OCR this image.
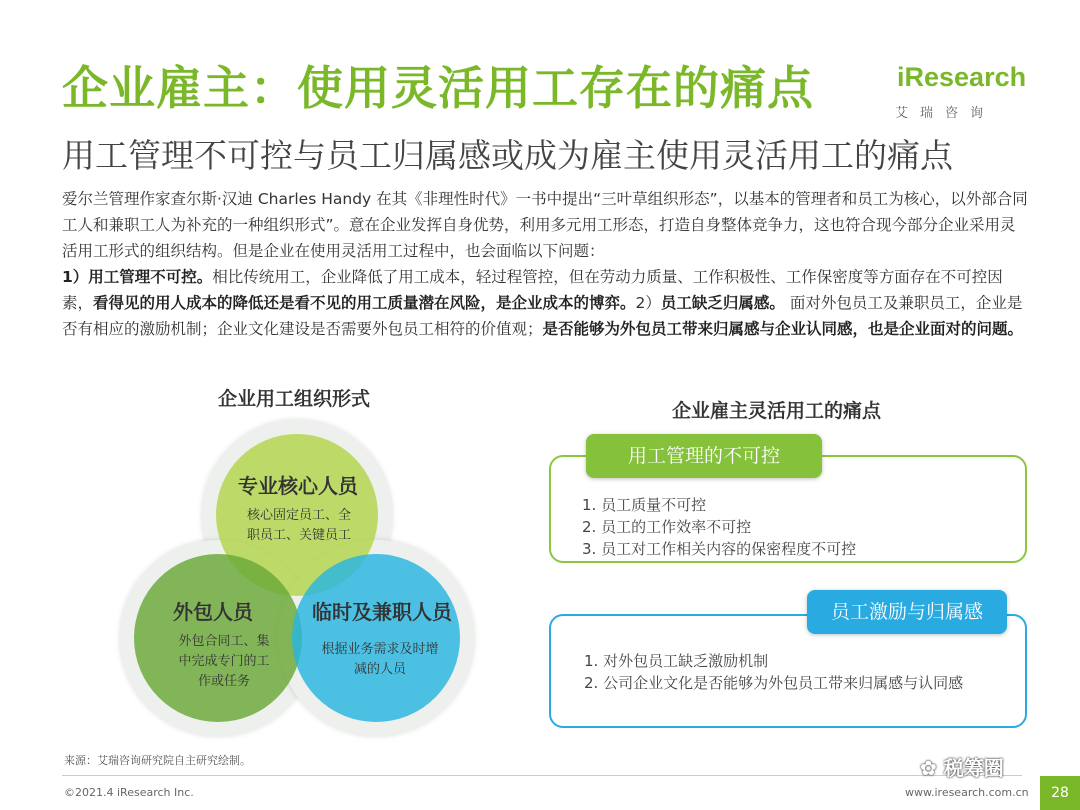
企业雇主：使用灵活用工存在的痛点
用工管理不可控与员工归属感或成为雇主使用灵活用工的痛点
iResearch
艾瑞咨询
爱尔兰管理作家查尔斯·汉迪 Charles Handy 在其《非理性时代》一书中提出“三叶草组织形态”，以基本的管理者和员工为核心，以外部合同工人和兼职工人为补充的一种组织形式”。意在企业发挥自身优势，利用多元用工形态，打造自身整体竞争力，这也符合现今部分企业采用灵活用工形式的组织结构。但是企业在使用灵活用工过程中，也会面临以下问题：
1）用工管理不可控。相比传统用工，企业降低了用工成本，轻过程管控，但在劳动力质量、工作积极性、工作保密度等方面存在不可控因素，看得见的用人成本的降低还是看不见的用工质量潜在风险，是企业成本的博弈。2）员工缺乏归属感。 面对外包员工及兼职员工，企业是否有相应的激励机制；企业文化建设是否需要外包员工相符的价值观；是否能够为外包员工带来归属感与企业认同感，也是企业面对的问题。
企业用工组织形式
专业核心人员
核心固定员工、全职员工、关键员工
外包人员
外包合同工、集中完成专门的工作或任务
临时及兼职人员
根据业务需求及时增减的人员
企业雇主灵活用工的痛点
用工管理的不可控
1. 员工质量不可控
2. 员工的工作效率不可控
3. 员工对工作相关内容的保密程度不可控
员工激励与归属感
1. 对外包员工缺乏激励机制
2. 公司企业文化是否能够为外包员工带来归属感与认同感
来源：艾瑞咨询研究院自主研究绘制。
©2021.4 iResearch Inc.	www.iresearch.com.cn
✿ 税筹圈
28
